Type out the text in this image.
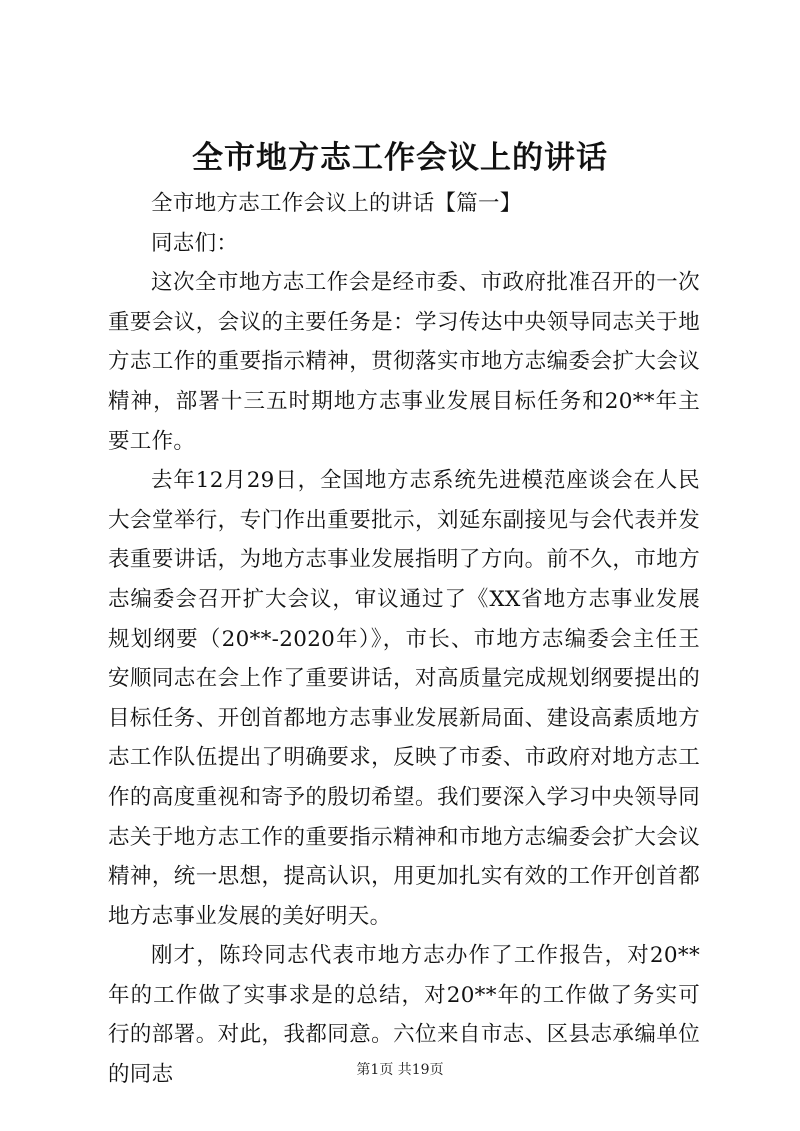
全市地方志工作会议上的讲话

全市地方志工作会议上的讲话【篇一】

同志们：

这次全市地方志工作会是经市委、市政府批准召开的一次重要会议，会议的主要任务是：学习传达中央领导同志关于地方志工作的重要指示精神，贯彻落实市地方志编委会扩大会议精神，部署十三五时期地方志事业发展目标任务和20**年主要工作。

去年12月29日，全国地方志系统先进模范座谈会在人民大会堂举行，专门作出重要批示，刘延东副接见与会代表并发表重要讲话，为地方志事业发展指明了方向。前不久，市地方志编委会召开扩大会议，审议通过了《XX省地方志事业发展规划纲要（20**-2020年）》，市长、市地方志编委会主任王安顺同志在会上作了重要讲话，对高质量完成规划纲要提出的目标任务、开创首都地方志事业发展新局面、建设高素质地方志工作队伍提出了明确要求，反映了市委、市政府对地方志工作的高度重视和寄予的殷切希望。我们要深入学习中央领导同志关于地方志工作的重要指示精神和市地方志编委会扩大会议精神，统一思想，提高认识，用更加扎实有效的工作开创首都地方志事业发展的美好明天。

刚才，陈玲同志代表市地方志办作了工作报告，对20**年的工作做了实事求是的总结，对20**年的工作做了务实可行的部署。对此，我都同意。六位来自市志、区县志承编单位的同志	第1页 共19页
